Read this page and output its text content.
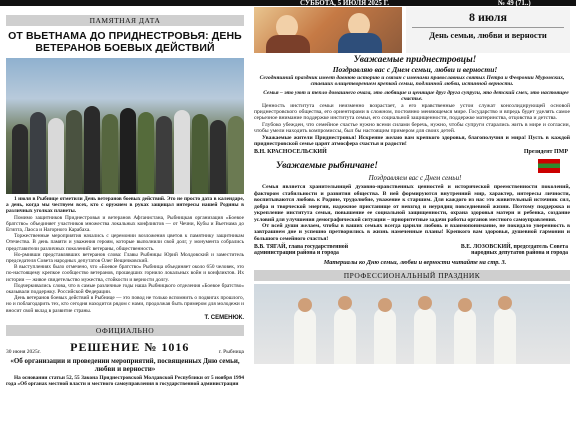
СУББОТА, 5 ИЮЛЯ 2025 Г.	№ 49 (71..)
ПАМЯТНАЯ ДАТА
ОТ ВЬЕТНАМА ДО ПРИДНЕСТРОВЬЯ: ДЕНЬ ВЕТЕРАНОВ БОЕВЫХ ДЕЙСТВИЙ

1 июля в Рыбнице отметили День ветеранов боевых действий. Это не просто дата в календаре, а день, когда мы чествуем всех, кто с оружием в руках защищал интересы нашей Родины в различных уголках планеты.

Помимо защитников Приднестровья и ветеранов Афганистана, Рыбницкая организация «Боевое братство» объединяет участников множества локальных конфликтов — от Чечни, Кубы и Вьетнама до Египта, Лаоса и Нагорного Карабаха.

Торжественные мероприятия начались с церемонии возложения цветов к памятнику защитникам Отечества. В день памяти и уважения героям, которые выполнили свой долг, у монумента собрались представители различных поколений: ветераны, общественность.

Но-рмивши представлявших ветеранов слова: Главы Рыбницы Юрий Молдовский и заместитель председателя Совета народных депутатов Олег Вещичковский.

В выступлениях было отмечено, что «Боевое братство» Рыбница объединяет около 650 человек, это по-настоящему крепкое сообщество ветеранов, прошедших горнило локальных войн и конфликтов. Их истории — живое свидетельство мужества, стойкости и верности долгу.

Подчеркивались слова, что в самые различные годы наша Рыбницкого отделения «Боевое братство» оказывали поддержку. Российской Федерации.

День ветеранов боевых действий в Рыбнице — это повод не только вспомнить о подвигах прошлого, но и поблагодарить тех, кто сегодня находится рядом с нами, продолжая быть примером для молодежи и вносит свой вклад в развитие страны.

Т. СЕМЕНЮК.
ОФИЦИАЛЬНО
30 июня 2025г. РЕШЕНИЕ № 1016	г. Рыбница
«Об организации и проведении мероприятий, посвященных Дню семьи, любви и верности»

На основании статьи 52, 55 Закона Приднестровской Молдавской Республики от 5 ноября 1994 года «Об органах местной власти и местного самоуправления в государственной администрации

8 июля
День семьи, любви и верности
Уважаемые приднестровцы!
Поздравляю вас с Днем семьи, любви и верности!
Сегодняшний праздник имеет давнюю историю и связан с именами православных святых Петра и Февронии Муромских, ставших олицетворением крепкой семьи, подлинной любви, истинной верности.

Семья – это уют и тепло домашнего очага, это любящие и ценящие друг друга супруги, это детский смех, это настоящее счастье.

Ценность института семьи неизменно возрастает, а его нравственные устои служат консолидирующей основой приднестровского общества, его ориентирами в сложном, постоянно меняющемся мире. Государство и впредь будет уделять самое серьезное внимание поддержке института семьи, его социальной защищенности, поддержке материнства, отцовства и детства.

Глубоко убежден, что семейное счастье нужно всеми силами беречь, нужно, чтобы супруги старались жить в мире и согласии, чтобы умели находить компромиссы, был бы настоящим примером для своих детей.

Уважаемые жители Приднестровья! Искренне желаю вам крепкого здоровья, благополучия и мира! Пусть в каждой приднестровской семье царят атмосфера счастья и радости!

В.Н. КРАСНОСЕЛЬСКИЙ	Президент ПМР
Уважаемые рыбничане!
Поздравляем вас с Днем семьи!

Семья является хранительницей духовно-нравственных ценностей и исторической преемственности поколений, фактором стабильности и развития общества. В ней формируются внутренний мир, характер, интересы личности, воспитываются любовь к Родине, трудолюбие, уважение к старшим. Для каждого из нас это живительный источник сил, добра и творческой энергии, надежное пристанище от невзгод и неурядиц повседневной жизни. Поэтому поддержка и укрепление института семьи, повышение ее социальной защищенности, охрана здоровья матери и ребенка, создание условий для улучшения демографической ситуации – приоритетные задачи работы органов местного самоуправления.

От всей души желаем, чтобы в ваших семьях всегда царили любовь и взаимопонимание, не покидало уверенность в завтрашнем дне и успешно претворились в жизнь намеченные планы! Крепкого вам здоровья, душевной гармонии и большого семейного счастья!

В.В. ТЯГАЙ, глава государственной
администрации района и города
В.Е. ЛОЗОВСКИЙ, председатель Совета
народных депутатов района и города
Материалы ко Дню семьи, любви и верности читайте на стр. 3.
ПРОФЕССИОНАЛЬНЫЙ ПРАЗДНИК
